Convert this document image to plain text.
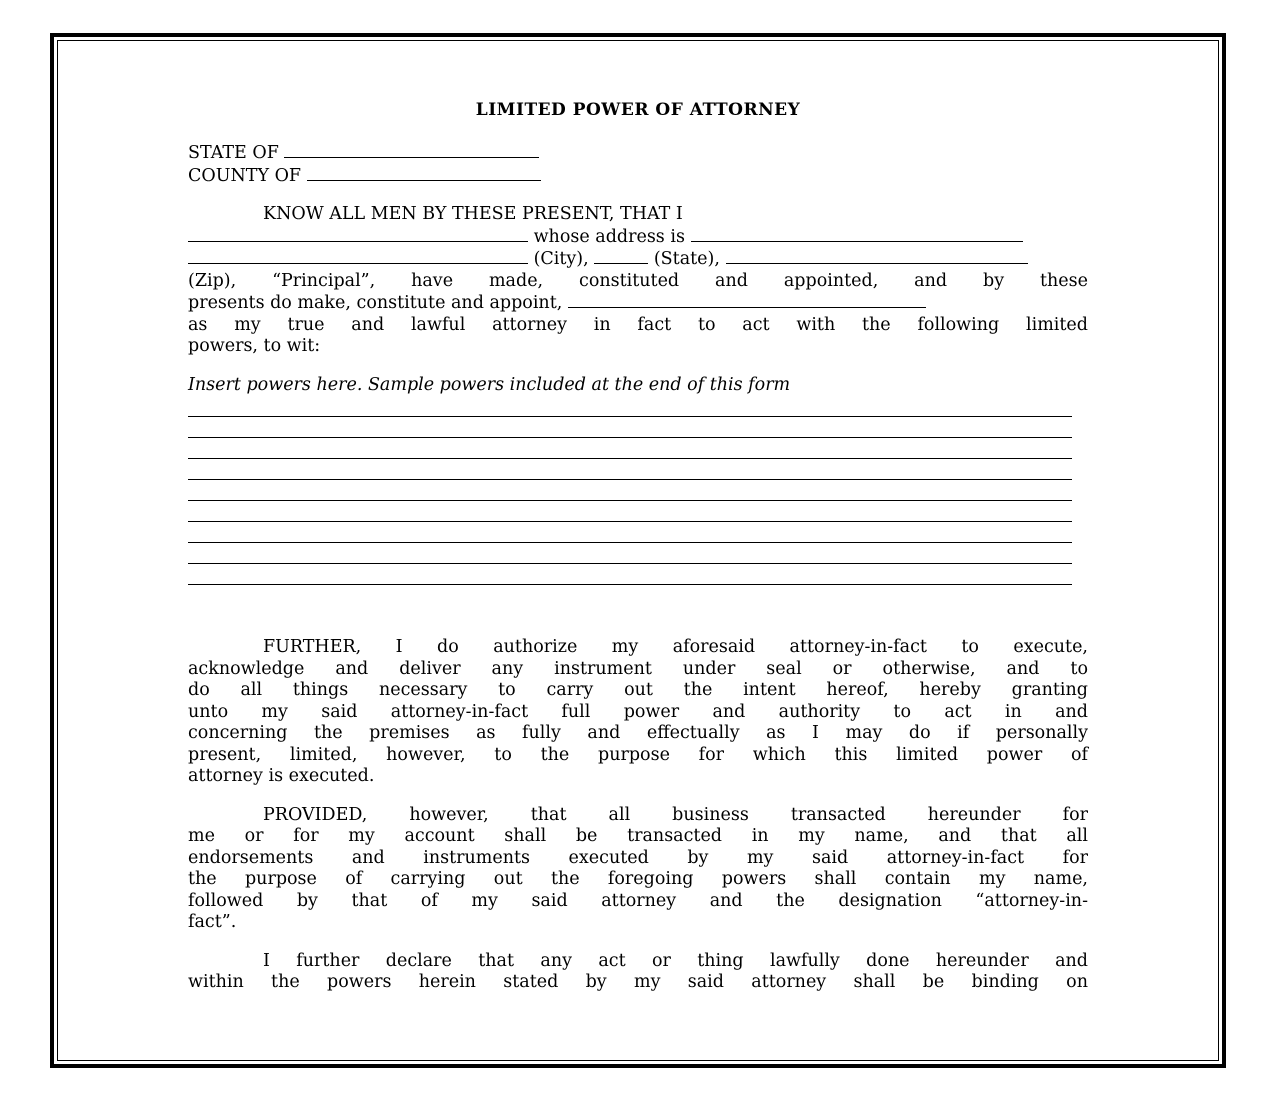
LIMITED POWER OF ATTORNEY
STATE OF
COUNTY OF
KNOW ALL MEN BY THESE PRESENT, THAT I
whose address is
(City),	(State),
(Zip), “Principal”, have made, constituted and appointed, and by these
presents do make, constitute and appoint,
as my true and lawful attorney in fact to act with the following limited
powers, to wit:
Insert powers here. Sample powers included at the end of this form
FURTHER, I do authorize my aforesaid attorney-in-fact to execute,
acknowledge and deliver any instrument under seal or otherwise, and to
do all things necessary to carry out the intent hereof, hereby granting
unto my said attorney-in-fact full power and authority to act in and
concerning the premises as fully and effectually as I may do if personally
present, limited, however, to the purpose for which this limited power of
attorney is executed.
PROVIDED, however, that all business transacted hereunder for
me or for my account shall be transacted in my name, and that all
endorsements and instruments executed by my said attorney-in-fact for
the purpose of carrying out the foregoing powers shall contain my name,
followed by that of my said attorney and the designation “attorney-in-
fact”.
I further declare that any act or thing lawfully done hereunder and
within the powers herein stated by my said attorney shall be binding on
